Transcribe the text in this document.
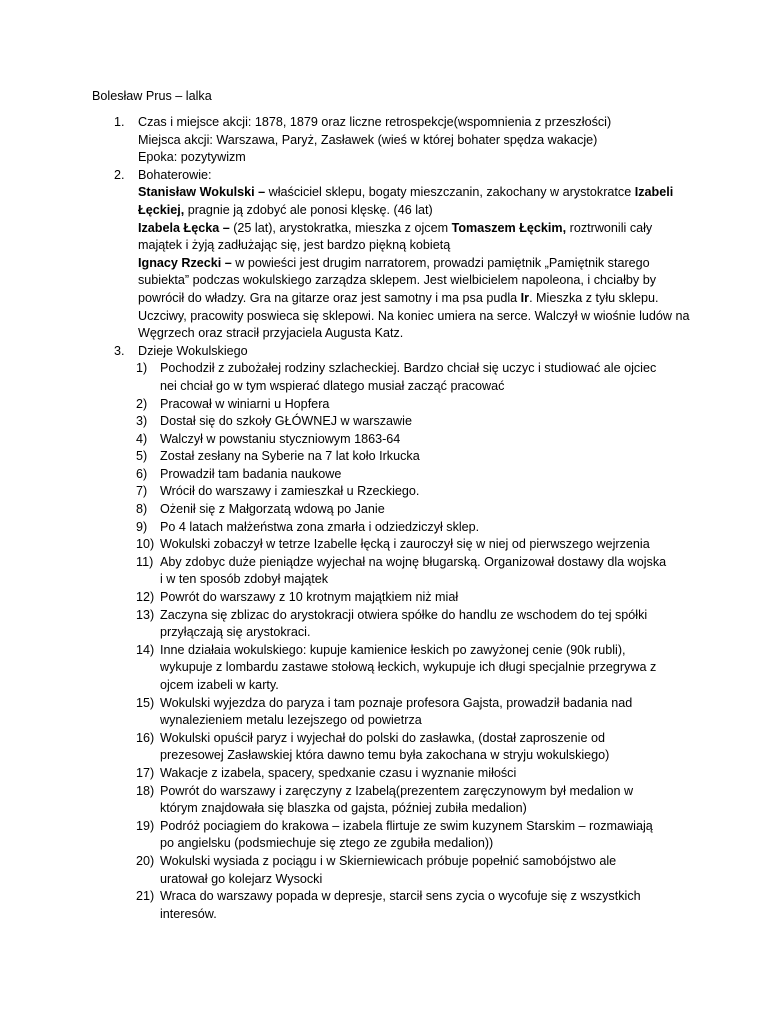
Bolesław Prus – lalka
1. Czas i miejsce akcji: 1878, 1879 oraz liczne retrospekcje(wspomnienia z przeszłości)
Miejsca akcji: Warszawa, Paryż, Zasławek (wieś w której bohater spędza wakacje)
Epoka: pozytywizm
2. Bohaterowie:
Stanisław Wokulski – właściciel sklepu, bogaty mieszczanin, zakochany w arystokratce Izabeli Łęckiej, pragnie ją zdobyć ale ponosi klęskę. (46 lat)
Izabela Łęcka – (25 lat), arystokratka, mieszka z ojcem Tomaszem Łęckim, roztrwonili cały majątek i żyją zadłużając się, jest bardzo piękną kobietą
Ignacy Rzecki – w powieści jest drugim narratorem, prowadzi pamiętnik „Pamiętnik starego subiekta” podczas wokulskiego zarządza sklepem. Jest wielbicielem napoleona, i chciałby by powrócił do władzy. Gra na gitarze oraz jest samotny i ma psa pudla Ir. Mieszka z tyłu sklepu. Uczciwy, pracowity poswieca się sklepowi. Na koniec umiera na serce. Walczył w wiośnie ludów na Węgrzech oraz stracił przyjaciela Augusta Katz.
3. Dzieje Wokulskiego
1)	Pochodził z zubożałej rodziny szlacheckiej. Bardzo chciał się uczyc i studiować ale ojciec
nei chciał go w tym wspierać dlatego musiał zacząć pracować
2)	Pracował w winiarni u Hopfera
3)	Dostał się do szkoły GŁÓWNEJ w warszawie
4)	Walczył w powstaniu styczniowym 1863-64
5)	Został zesłany na Syberie na 7 lat koło Irkucka
6)	Prowadził tam badania naukowe
7)	Wrócił do warszawy i zamieszkał u Rzeckiego.
8)	Ożenił się z Małgorzatą wdową po Janie
9)	Po 4 latach małżeństwa zona zmarła i odziedziczył sklep.
10) Wokulski zobaczył w tetrze Izabelle łęcką i zauroczył się w niej od pierwszego wejrzenia
11) Aby zdobyc duże pieniądze wyjechał na wojnę bługarską. Organizował dostawy dla wojska
i w ten sposób zdobył majątek
12) Powrót do warszawy z 10 krotnym majątkiem niż miał
13) Zaczyna się zblizac do arystokracji otwiera spółke do handlu ze wschodem do tej spółki
przyłączają się arystokraci.
14) Inne działaia wokulskiego: kupuje kamienice łeskich po zawyżonej cenie (90k rubli),
wykupuje z lombardu zastawe stołową łeckich, wykupuje ich długi specjalnie przegrywa z
ojcem izabeli w karty.
15) Wokulski wyjezdza do paryza i tam poznaje profesora Gajsta, prowadził badania nad
wynalezieniem metalu lezejszego od powietrza
16) Wokulski opuścił paryz i wyjechał do polski do zasławka, (dostał zaproszenie od
prezesowej Zasławskiej która dawno temu była zakochana w stryju wokulskiego)
17) Wakacje z izabela, spacery, spedxanie czasu i wyznanie miłości
18) Powrót do warszawy i zaręczyny z Izabelą(prezentem zaręczynowym był medalion w
którym znajdowała się blaszka od gajsta, później zubiła medalion)
19) Podróż pociagiem do krakowa – izabela flirtuje ze swim kuzynem Starskim – rozmawiają
po angielsku (podsmiechuje się ztego ze zgubiła medalion))
20) Wokulski wysiada z pociągu i w Skierniewicach próbuje popełnić samobójstwo ale
uratował go kolejarz Wysocki
21) Wraca do warszawy popada w depresje, starcił sens zycia o wycofuje się z wszystkich
interesów.
